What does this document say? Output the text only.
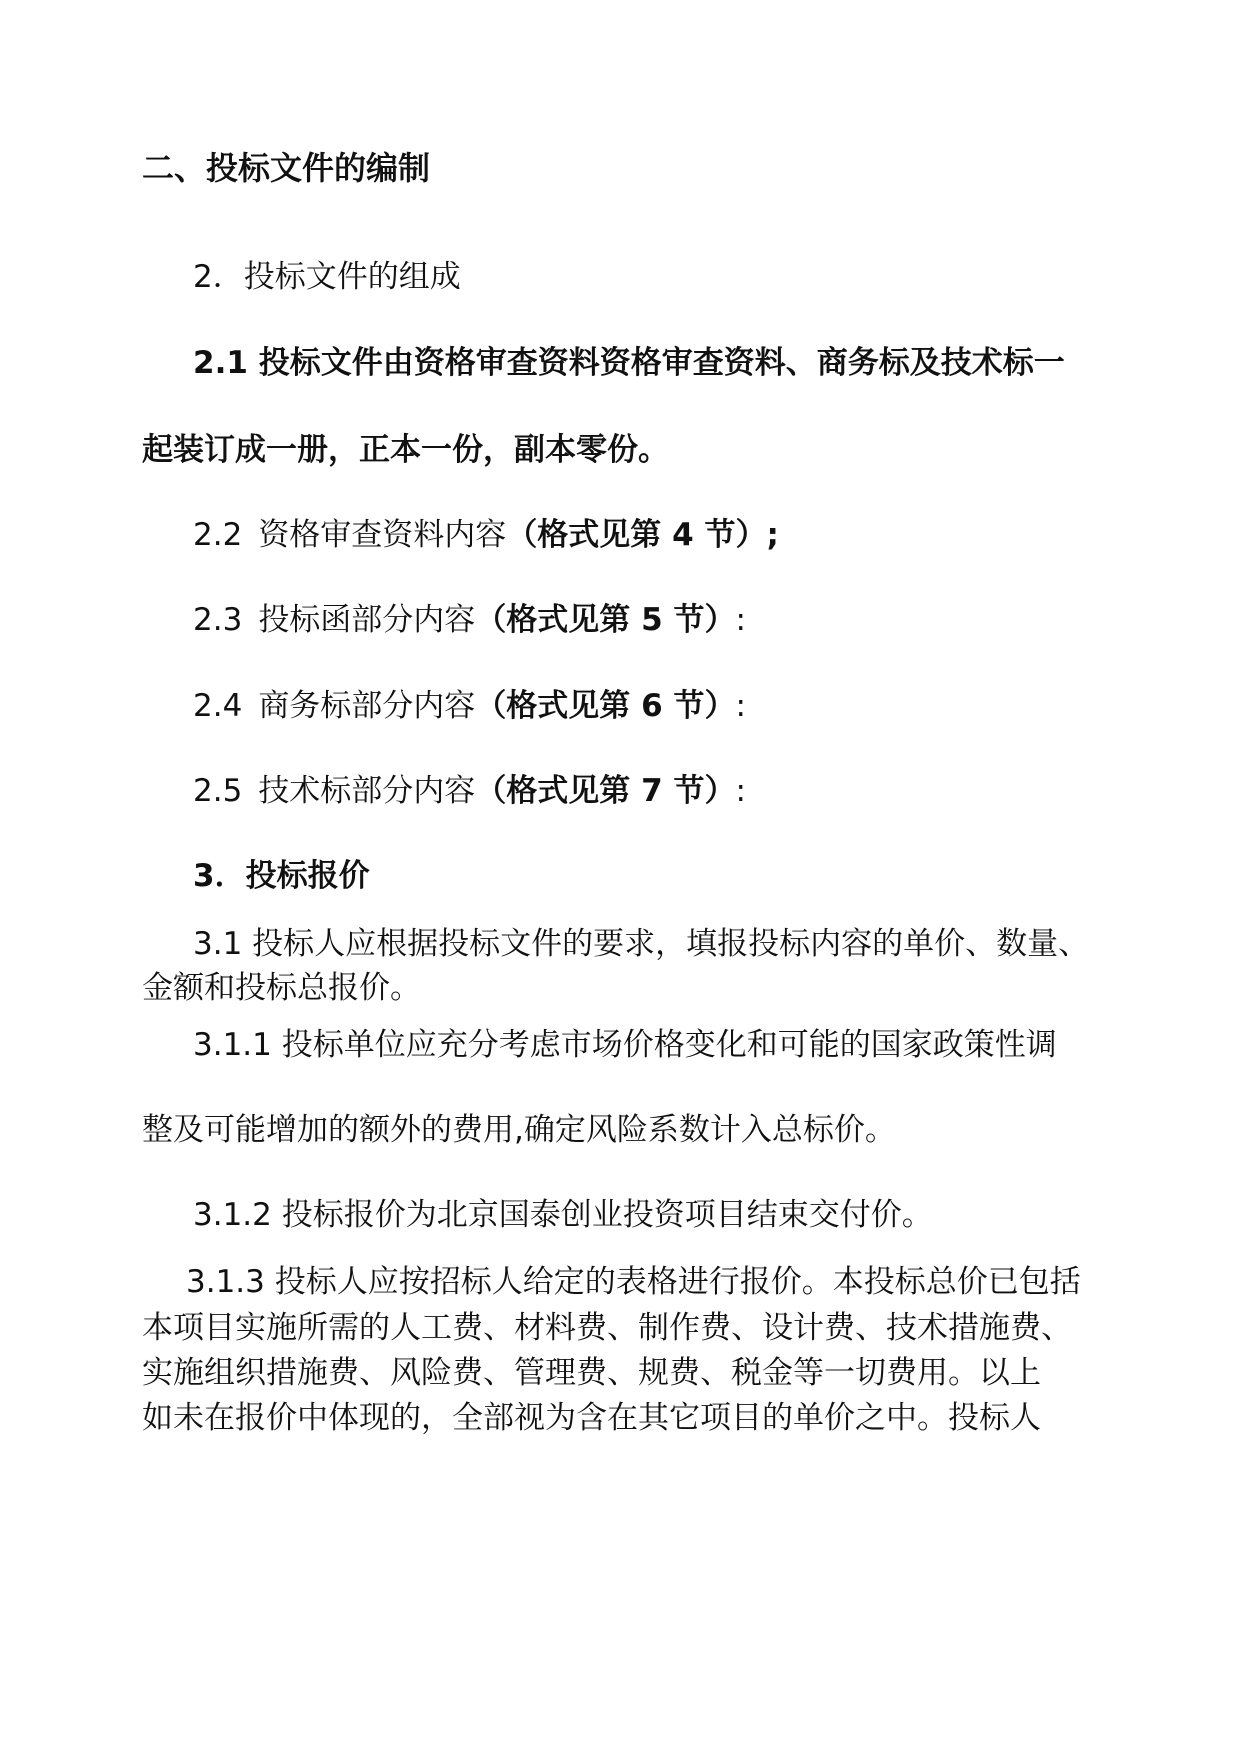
二、投标文件的编制
2．投标文件的组成
2.1 投标文件由资格审查资料资格审查资料、商务标及技术标一
起装订成一册，正本一份，副本零份。
2.2 资格审查资料内容（格式见第 4 节）;
2.3 投标函部分内容（格式见第 5 节）:
2.4 商务标部分内容（格式见第 6 节）:
2.5 技术标部分内容（格式见第 7 节）:
3．投标报价
3.1 投标人应根据投标文件的要求，填报投标内容的单价、数量、
金额和投标总报价。
3.1.1 投标单位应充分考虑市场价格变化和可能的国家政策性调
整及可能增加的额外的费用,确定风险系数计入总标价。
3.1.2 投标报价为北京国泰创业投资项目结束交付价。
3.1.3 投标人应按招标人给定的表格进行报价。本投标总价已包括
本项目实施所需的人工费、材料费、制作费、设计费、技术措施费、
实施组织措施费、风险费、管理费、规费、税金等一切费用。以上
如未在报价中体现的，全部视为含在其它项目的单价之中。投标人
